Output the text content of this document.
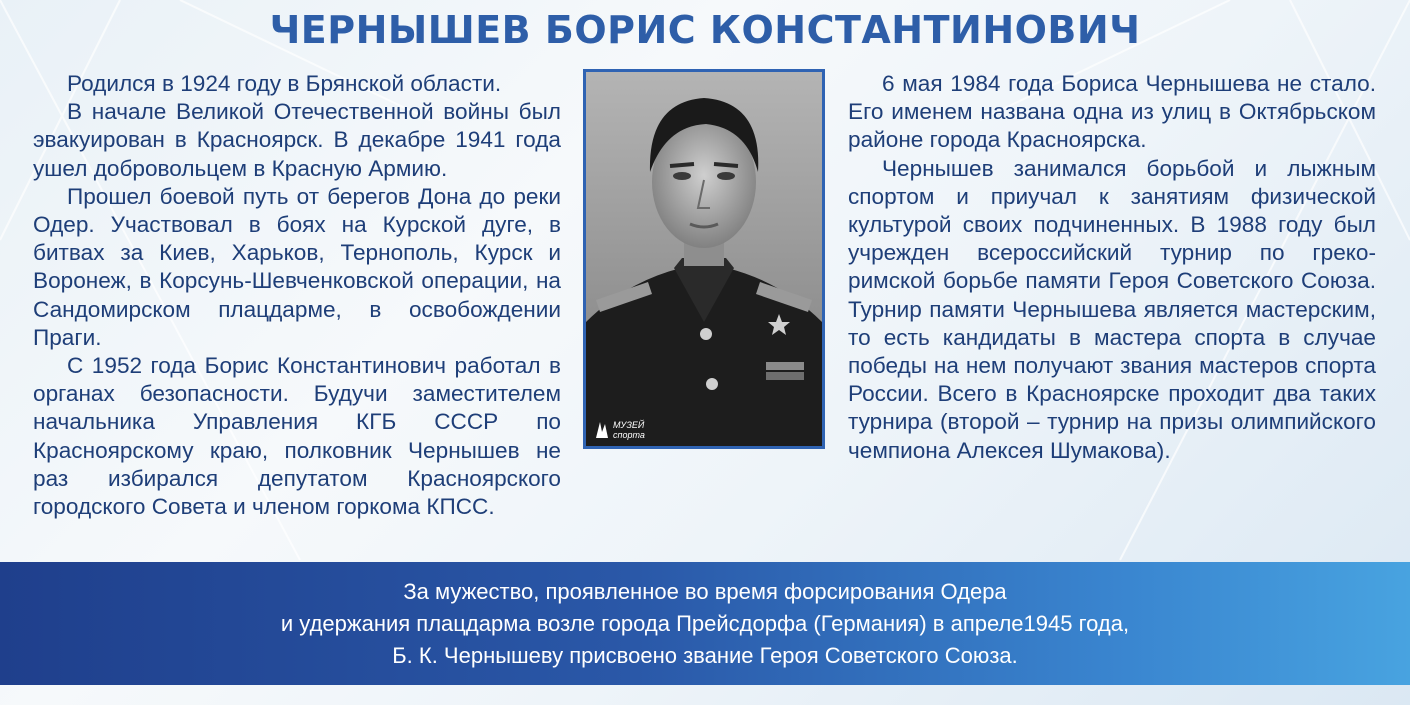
ЧЕРНЫШЕВ БОРИС КОНСТАНТИНОВИЧ

Родился в 1924 году в Брянской области.

В начале Великой Отечественной войны был эвакуирован в Красноярск. В декабре 1941 года ушел добровольцем в Красную Армию.

Прошел боевой путь от берегов Дона до реки Одер. Участвовал в боях на Курской дуге, в битвах за Киев, Харьков, Тернополь, Курск и Воронеж, в Корсунь-Шевченковской операции, на Сандомирском плацдарме, в освобождении Праги.

С 1952 года Борис Константинович работал в органах безопасности. Будучи заместителем начальника Управления КГБ СССР по Красноярскому краю, полковник Чернышев не раз избирался депутатом Красноярского городского Совета и членом горкома КПСС.

МУЗЕЙ
спорта

6 мая 1984 года Бориса Чернышева не стало. Его именем названа одна из улиц в Октябрьском районе города Красноярска.

Чернышев занимался борьбой и лыжным спортом и приучал к занятиям физической культурой своих подчиненных. В 1988 году был учрежден всероссийский турнир по греко-римской борьбе памяти Героя Советского Союза. Турнир памяти Чернышева является мастерским, то есть кандидаты в мастера спорта в случае победы на нем получают звания мастеров спорта России. Всего в Красноярске проходит два таких турнира (второй – турнир на призы олимпийского чемпиона Алексея Шумакова).

За мужество, проявленное во время форсирования Одера
и удержания плацдарма возле города Прейсдорфа (Германия) в апреле1945 года,
Б. К. Чернышеву присвоено звание Героя Советского Союза.
